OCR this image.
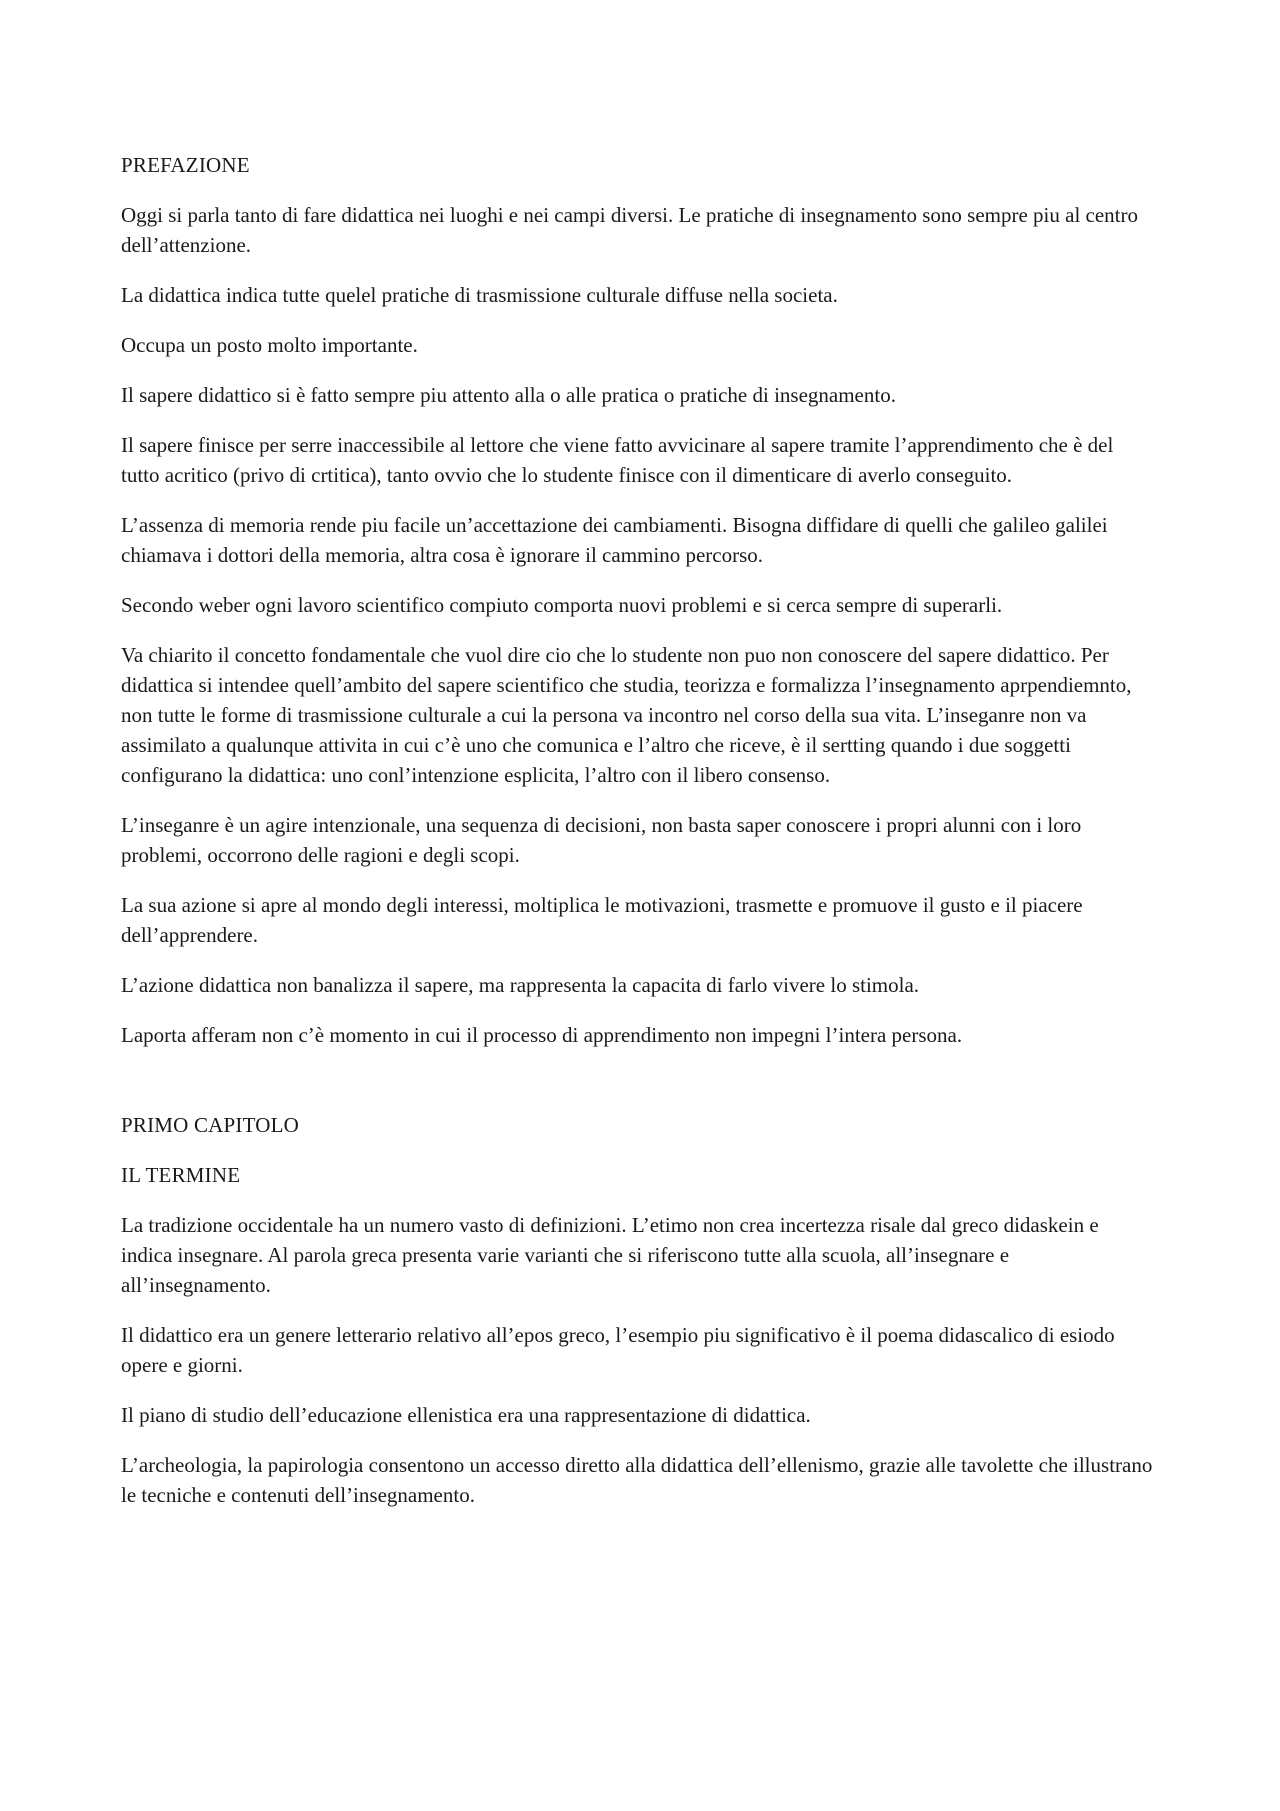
PREFAZIONE

Oggi si parla tanto di fare didattica nei luoghi e nei campi diversi. Le pratiche di insegnamento sono sempre piu al centro dell’attenzione.

La didattica indica tutte quelel pratiche di trasmissione culturale diffuse nella societa.

Occupa un posto molto importante.

Il sapere didattico si è fatto sempre piu attento alla o alle pratica o pratiche di insegnamento.

Il sapere finisce per serre inaccessibile al lettore che viene fatto avvicinare al sapere tramite l’apprendimento che è del tutto acritico (privo di crtitica), tanto ovvio che lo studente finisce con il dimenticare di averlo conseguito.

L’assenza di memoria rende piu facile un’accettazione dei cambiamenti. Bisogna diffidare di quelli che galileo galilei chiamava i dottori della memoria, altra cosa è ignorare il cammino percorso.

Secondo weber ogni lavoro scientifico compiuto comporta nuovi problemi e si cerca sempre di superarli.

Va chiarito il concetto fondamentale che vuol dire cio che lo studente non puo non conoscere del sapere didattico. Per didattica si intendee quell’ambito del sapere scientifico che studia, teorizza e formalizza l’insegnamento aprpendiemnto, non tutte le forme di trasmissione culturale a cui la persona va incontro nel corso della sua vita. L’inseganre non va assimilato a qualunque attivita in cui c’è uno che comunica e l’altro che riceve, è il sertting quando i due soggetti configurano la didattica: uno conl’intenzione esplicita, l’altro con il libero consenso.

L’inseganre è un agire intenzionale, una sequenza di decisioni, non basta saper conoscere i propri alunni con i loro problemi, occorrono delle ragioni e degli scopi.

La sua azione si apre al mondo degli interessi, moltiplica le motivazioni, trasmette e promuove il gusto e il piacere dell’apprendere.

L’azione didattica non banalizza il sapere, ma rappresenta la capacita di farlo vivere lo stimola.

Laporta afferam non c’è momento in cui il processo di apprendimento non impegni l’intera persona.

PRIMO CAPITOLO

IL TERMINE

La tradizione occidentale ha un numero vasto di definizioni. L’etimo non crea incertezza risale dal greco didaskein e indica insegnare. Al parola greca presenta varie varianti che si riferiscono tutte alla scuola, all’insegnare e all’insegnamento.

Il didattico era un genere letterario relativo all’epos greco, l’esempio piu significativo è il poema didascalico di esiodo opere e giorni.

Il piano di studio dell’educazione ellenistica era una rappresentazione di didattica.

L’archeologia, la papirologia consentono un accesso diretto alla didattica dell’ellenismo, grazie alle tavolette che illustrano le tecniche e contenuti dell’insegnamento.
